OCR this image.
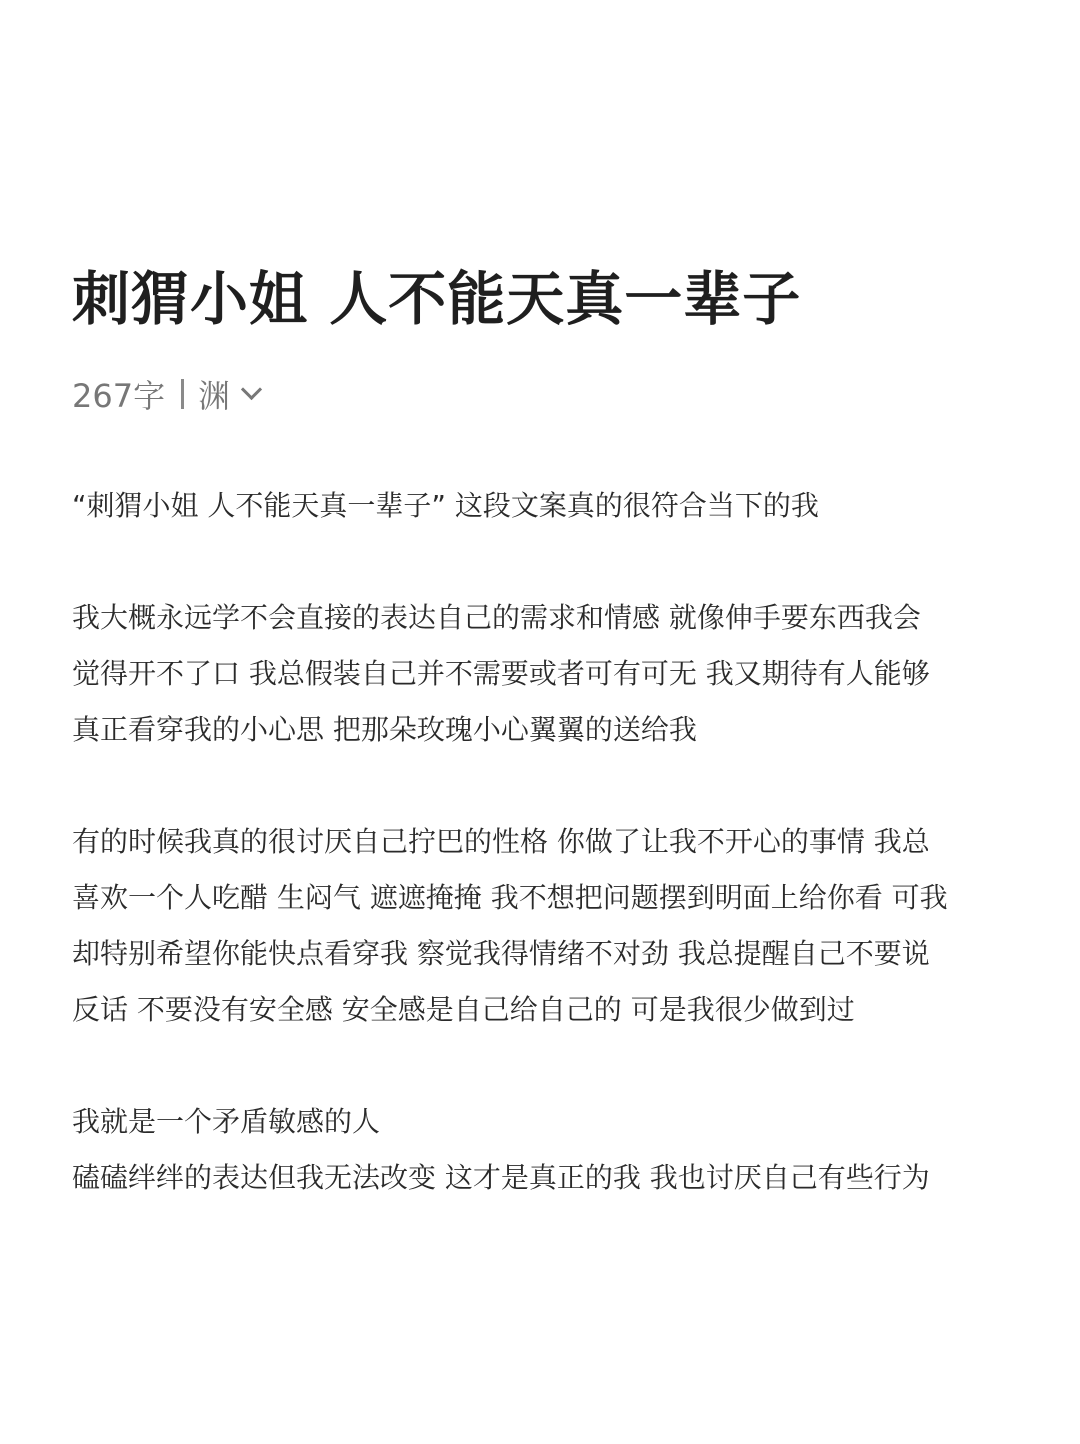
刺猬小姐 人不能天真一辈子
267字 渊

“刺猬小姐 人不能天真一辈子” 这段文案真的很符合当下的我

我大概永远学不会直接的表达自己的需求和情感 就像伸手要东西我会

觉得开不了口 我总假装自己并不需要或者可有可无 我又期待有人能够

真正看穿我的小心思 把那朵玫瑰小心翼翼的送给我

有的时候我真的很讨厌自己拧巴的性格 你做了让我不开心的事情 我总

喜欢一个人吃醋 生闷气 遮遮掩掩 我不想把问题摆到明面上给你看 可我

却特别希望你能快点看穿我 察觉我得情绪不对劲 我总提醒自己不要说

反话 不要没有安全感 安全感是自己给自己的 可是我很少做到过

我就是一个矛盾敏感的人

磕磕绊绊的表达但我无法改变 这才是真正的我 我也讨厌自己有些行为
